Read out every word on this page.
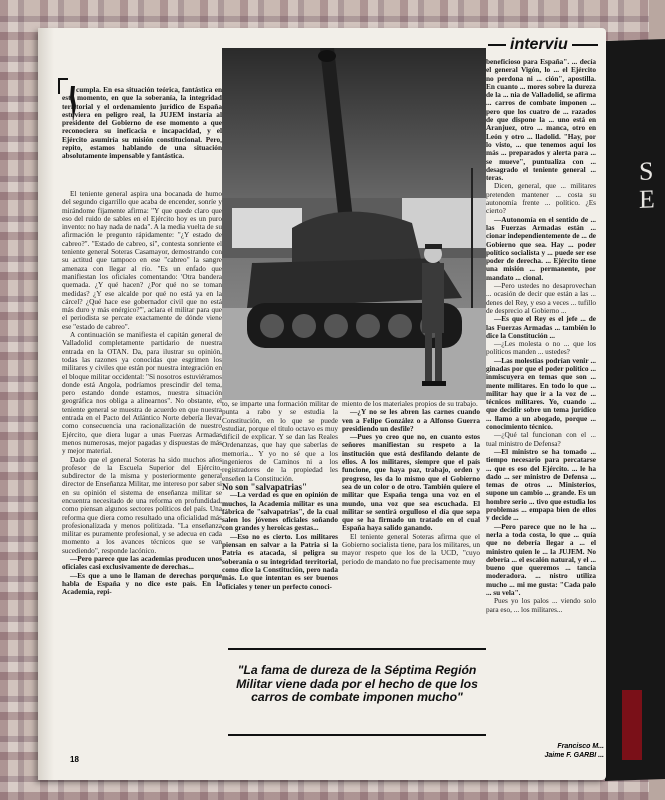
S
E
interviu

cumpla. En esa situación teórica, fantástica en este momento, en que la soberanía, la integridad territorial y el ordenamiento jurídico de España estuviera en peligro real, la JUJEM instaría al presidente del Gobierno de ese momento a que reconociera su ineficacia e incapacidad, y el Ejército asumiría su misión constitucional. Pero, repito, estamos hablando de una situación absolutamente impensable y fantástica.

El teniente general aspira una bocanada de humo del segundo cigarrillo que acaba de encender, sonríe y mirándome fijamente afirma: "Y que quede claro que eso del ruido de sables en el Ejército hoy es un puro invento: no hay nada de nada". A la media vuelta de su afirmación le pregunto rápidamente: "¿Y estado de cabreo?". "Estado de cabreo, sí", contesta sonriente el teniente general Soteras Casamayor, demostrando con su actitud que tampoco en ese "cabreo" la sangre amenaza con llegar al río. "Es un enfado que manifiestan los oficiales comentando: 'Otra bandera quemada. ¿Y qué hacen? ¿Por qué no se toman medidas? ¿Y ese alcalde por qué no está ya en la cárcel? ¿Qué hace ese gobernador civil que no está más duro y más enérgico?'", aclara el militar para que el periodista se percate exactamente de dónde viene ese "estado de cabreo".

A continuación se manifiesta el capitán general de Valladolid completamente partidario de nuestra entrada en la OTAN. Da, para ilustrar su opinión, todas las razones ya conocidas que esgrimen los militares y civiles que están por nuestra integración en el bloque militar occidental: "Si nosotros estuviéramos donde está Angola, podríamos prescindir del tema, pero estando donde estamos, nuestra situación geográfica nos obliga a alinearnos". No obstante, el teniente general se muestra de acuerdo en que nuestra entrada en el Pacto del Atlántico Norte debería llevar como consecuencia una racionalización de nuestro Ejército, que diera lugar a unas Fuerzas Armadas menos numerosas, mejor pagadas y dispuestas de más y mejor material.

Dado que el general Soteras ha sido muchos años profesor de la Escuela Superior del Ejército, subdirector de la misma y posteriormente general director de Enseñanza Militar, me intereso por saber si en su opinión el sistema de enseñanza militar se encuentra necesitado de una reforma en profundidad, como piensan algunos sectores políticos del país. Una reforma que diera como resultado una oficialidad más profesionalizada y menos politizada. "La enseñanza militar es puramente profesional, y se adecua en cada momento a los avances técnicos que se van sucediendo", responde lacónico.

—Pero parece que las academias producen unos oficiales casi exclusivamente de derechas...

—Es que a uno le llaman de derechas porque habla de España y no dice este país. En la Academia, repi-

to, se imparte una formación militar de punta a rabo y se estudia la Constitución, en lo que se puede estudiar, porque el título octavo es muy difícil de explicar. Y se dan las Reales Ordenanzas, que hay que saberlas de memoria... Y yo no sé que a los ingenieros de Caminos ni a los registradores de la propiedad les enseñen la Constitución.

No son "salvapatrias"

—La verdad es que en opinión de muchos, la Academia militar es una fábrica de "salvapatrias", de la cual salen los jóvenes oficiales soñando con grandes y heroicas gestas...

—Eso no es cierto. Los militares piensan en salvar a la Patria si la Patria es atacada, si peligra su soberanía o su integridad territorial, como dice la Constitución, pero nada más. Lo que intentan es ser buenos oficiales y tener un perfecto conoci-

miento de los materiales propios de su trabajo.

—¿Y no se les abren las carnes cuando ven a Felipe González o a Alfonso Guerra presidiendo un desfile?

—Pues yo creo que no, en cuanto estos señores manifiestan su respeto a la institución que está desfilando delante de ellos. A los militares, siempre que el país funcione, que haya paz, trabajo, orden y progreso, les da lo mismo que el Gobierno sea de un color o de otro. También quiere el militar que España tenga una voz en el mundo, una voz que sea escuchada. El militar se sentirá orgulloso el día que sepa que se ha firmado un tratado en el cual España haya salido ganando.

El teniente general Soteras afirma que el Gobierno socialista tiene, para los militares, un mayor respeto que los de la UCD, "cuyo periodo de mandato no fue precisamente muy

"La fama de dureza de la Séptima Región Militar viene dada por el hecho de que los carros de combate imponen mucho"

beneficioso para España". ... decía el general Vigón, lo ... el Ejército no perdona ni ... ción", apostilla. En cuanto ... mores sobre la dureza de la ... nia de Valladolid, se afirma ... carros de combate imponen ... pero que los cuatro de ... razados de que dispone la ... uno está en Aranjuez, otro ... manca, otro en León y otro ... lladolid. "Hay, por lo visto, ... que tenemos aquí los más ... preparados y alerta para ... se mueve", puntualiza con ... desagrado el teniente general ... teras.

Dicen, general, que ... militares pretenden mantener ... costa su autonomía frente ... político. ¿Es cierto?

—Autonomía en el sentido de ... las Fuerzas Armadas están ... cionar independientemente de ... de Gobierno que sea. Hay ... poder político socialista y ... puede ser ese poder de derecha. ... Ejército tiene una misión ... permanente, por mandato ... cional.

—Pero ustedes no desaprovechan ... ocasión de decir que están a las ... denes del Rey, y eso a veces ... tufillo de desprecio al Gobierno ...

—Es que el Rey es el jefe ... de las Fuerzas Armadas ... también lo dice la Constitución ...

—¿Les molesta o no ... que los políticos manden ... ustedes?

—Las molestias podrían venir ... ginadas por que el poder político ... inmiscuyera en temas que son ... mente militares. En todo lo que ... militar hay que ir a la voz de ... técnicos militares. Yo, cuando ... que decidir sobre un tema jurídico ... llamo a un abogado, porque ... conocimiento técnico.

—¿Qué tal funcionan con el ... tual ministro de Defensa?

—El ministro se ha tomado ... tiempo necesario para percatarse ... que es eso del Ejército. ... le ha dado ... ser ministro de Defensa ... temas de otros ... Ministerios, supone un cambio ... grande. Es un hombre serio ... tivo que estudia los problemas ... empapa bien de ellos y decide ...

—Pero parece que no le ha ... nerla a toda costa, lo que ... quía que no debería llegar a ... el ministro quien le ... la JUJEM. No debería ... el escalón natural, y el ... bueno que queremos ... tancia moderadora. ... nistro utiliza mucho ... mi me gusta: "Cada palo ... su vela".

Pues yo los palos ... viendo solo para eso, ... los militares...

18
Francisco M...
Jaime F. GARBI ...
